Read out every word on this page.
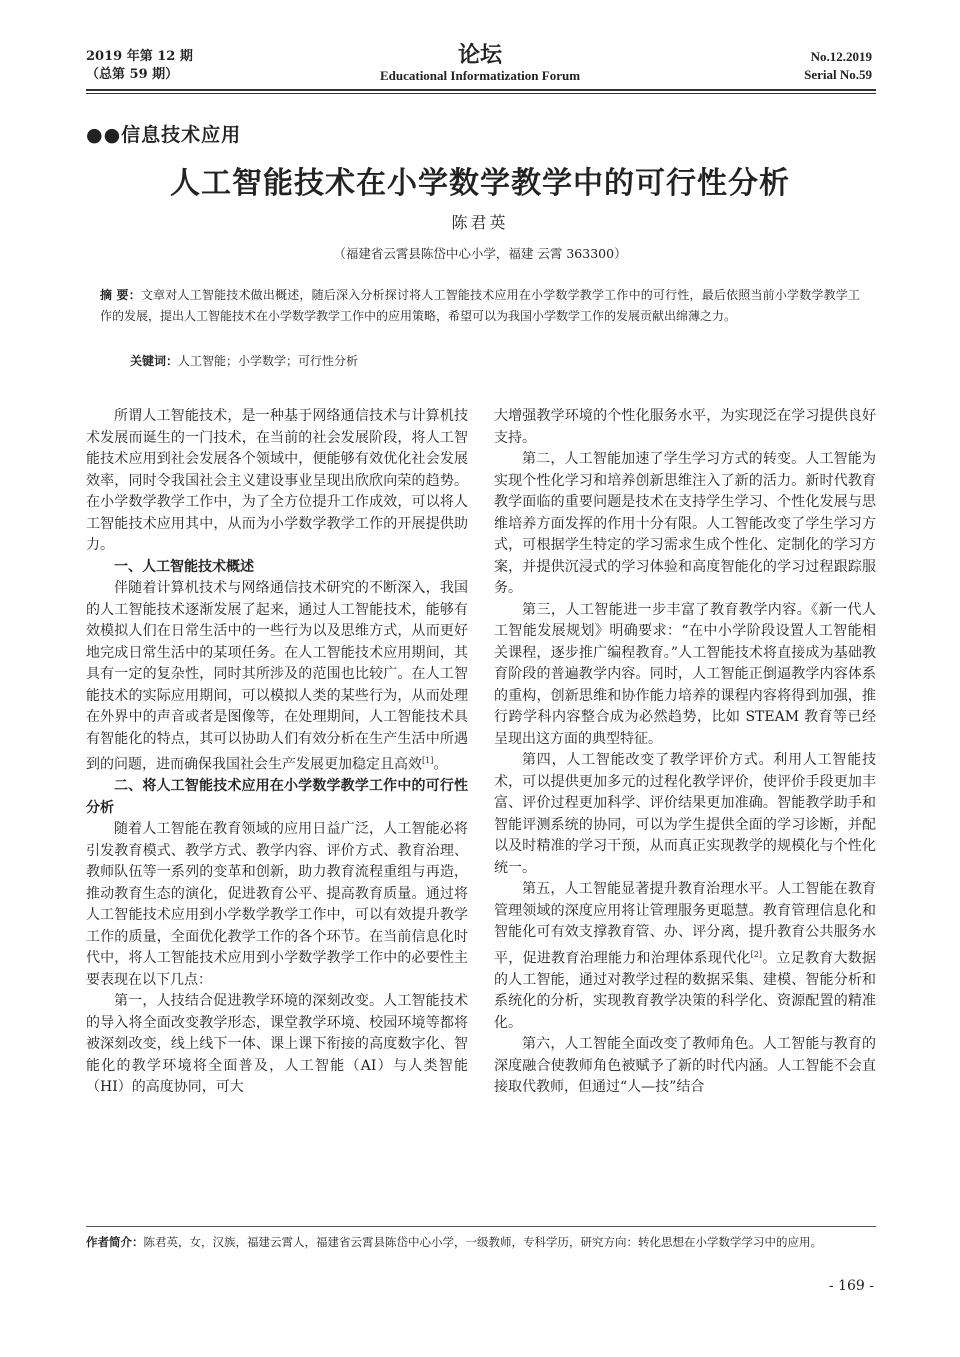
2019 年第 12 期
（总第 59 期）
论坛
Educational Informatization Forum
No.12.2019
Serial No.59
●●信息技术应用
人工智能技术在小学数学教学中的可行性分析
陈君英
（福建省云霄县陈岱中心小学，福建 云霄 363300）
摘 要：文章对人工智能技术做出概述，随后深入分析探讨将人工智能技术应用在小学数学教学工作中的可行性，最后依照当前小学数学教学工作的发展，提出人工智能技术在小学数学教学工作中的应用策略，希望可以为我国小学数学工作的发展贡献出绵薄之力。
关键词：人工智能；小学数学；可行性分析

所谓人工智能技术，是一种基于网络通信技术与计算机技术发展而诞生的一门技术，在当前的社会发展阶段，将人工智能技术应用到社会发展各个领域中，便能够有效优化社会发展效率，同时令我国社会主义建设事业呈现出欣欣向荣的趋势。在小学数学教学工作中，为了全方位提升工作成效，可以将人工智能技术应用其中，从而为小学数学教学工作的开展提供助力。

一、人工智能技术概述

伴随着计算机技术与网络通信技术研究的不断深入，我国的人工智能技术逐渐发展了起来，通过人工智能技术，能够有效模拟人们在日常生活中的一些行为以及思维方式，从而更好地完成日常生活中的某项任务。在人工智能技术应用期间，其具有一定的复杂性，同时其所涉及的范围也比较广。在人工智能技术的实际应用期间，可以模拟人类的某些行为，从而处理在外界中的声音或者是图像等，在处理期间，人工智能技术具有智能化的特点，其可以协助人们有效分析在生产生活中所遇到的问题，进而确保我国社会生产发展更加稳定且高效[1]。

二、将人工智能技术应用在小学数学教学工作中的可行性分析

随着人工智能在教育领域的应用日益广泛，人工智能必将引发教育模式、教学方式、教学内容、评价方式、教育治理、教师队伍等一系列的变革和创新，助力教育流程重组与再造，推动教育生态的演化，促进教育公平、提高教育质量。通过将人工智能技术应用到小学数学教学工作中，可以有效提升教学工作的质量，全面优化教学工作的各个环节。在当前信息化时代中，将人工智能技术应用到小学数学教学工作中的必要性主要表现在以下几点：

第一，人技结合促进教学环境的深刻改变。人工智能技术的导入将全面改变教学形态，课堂教学环境、校园环境等都将被深刻改变，线上线下一体、课上课下衔接的高度数字化、智能化的教学环境将全面普及，人工智能（AI）与人类智能（HI）的高度协同，可大

大增强教学环境的个性化服务水平，为实现泛在学习提供良好支持。

第二，人工智能加速了学生学习方式的转变。人工智能为实现个性化学习和培养创新思维注入了新的活力。新时代教育教学面临的重要问题是技术在支持学生学习、个性化发展与思维培养方面发挥的作用十分有限。人工智能改变了学生学习方式，可根据学生特定的学习需求生成个性化、定制化的学习方案，并提供沉浸式的学习体验和高度智能化的学习过程跟踪服务。

第三，人工智能进一步丰富了教育教学内容。《新一代人工智能发展规划》明确要求：“在中小学阶段设置人工智能相关课程，逐步推广编程教育。”人工智能技术将直接成为基础教育阶段的普遍教学内容。同时，人工智能正倒逼教学内容体系的重构，创新思维和协作能力培养的课程内容将得到加强，推行跨学科内容整合成为必然趋势，比如 STEAM 教育等已经呈现出这方面的典型特征。

第四，人工智能改变了教学评价方式。利用人工智能技术，可以提供更加多元的过程化教学评价，使评价手段更加丰富、评价过程更加科学、评价结果更加准确。智能教学助手和智能评测系统的协同，可以为学生提供全面的学习诊断，并配以及时精准的学习干预，从而真正实现教学的规模化与个性化统一。

第五，人工智能显著提升教育治理水平。人工智能在教育管理领域的深度应用将让管理服务更聪慧。教育管理信息化和智能化可有效支撑教育管、办、评分离，提升教育公共服务水平，促进教育治理能力和治理体系现代化[2]。立足教育大数据的人工智能，通过对教学过程的数据采集、建模、智能分析和系统化的分析，实现教育教学决策的科学化、资源配置的精准化。

第六，人工智能全面改变了教师角色。人工智能与教育的深度融合使教师角色被赋予了新的时代内涵。人工智能不会直接取代教师，但通过“人—技”结合

作者简介：陈君英，女，汉族，福建云霄人，福建省云霄县陈岱中心小学，一级教师，专科学历，研究方向：转化思想在小学数学学习中的应用。
- 169 -
